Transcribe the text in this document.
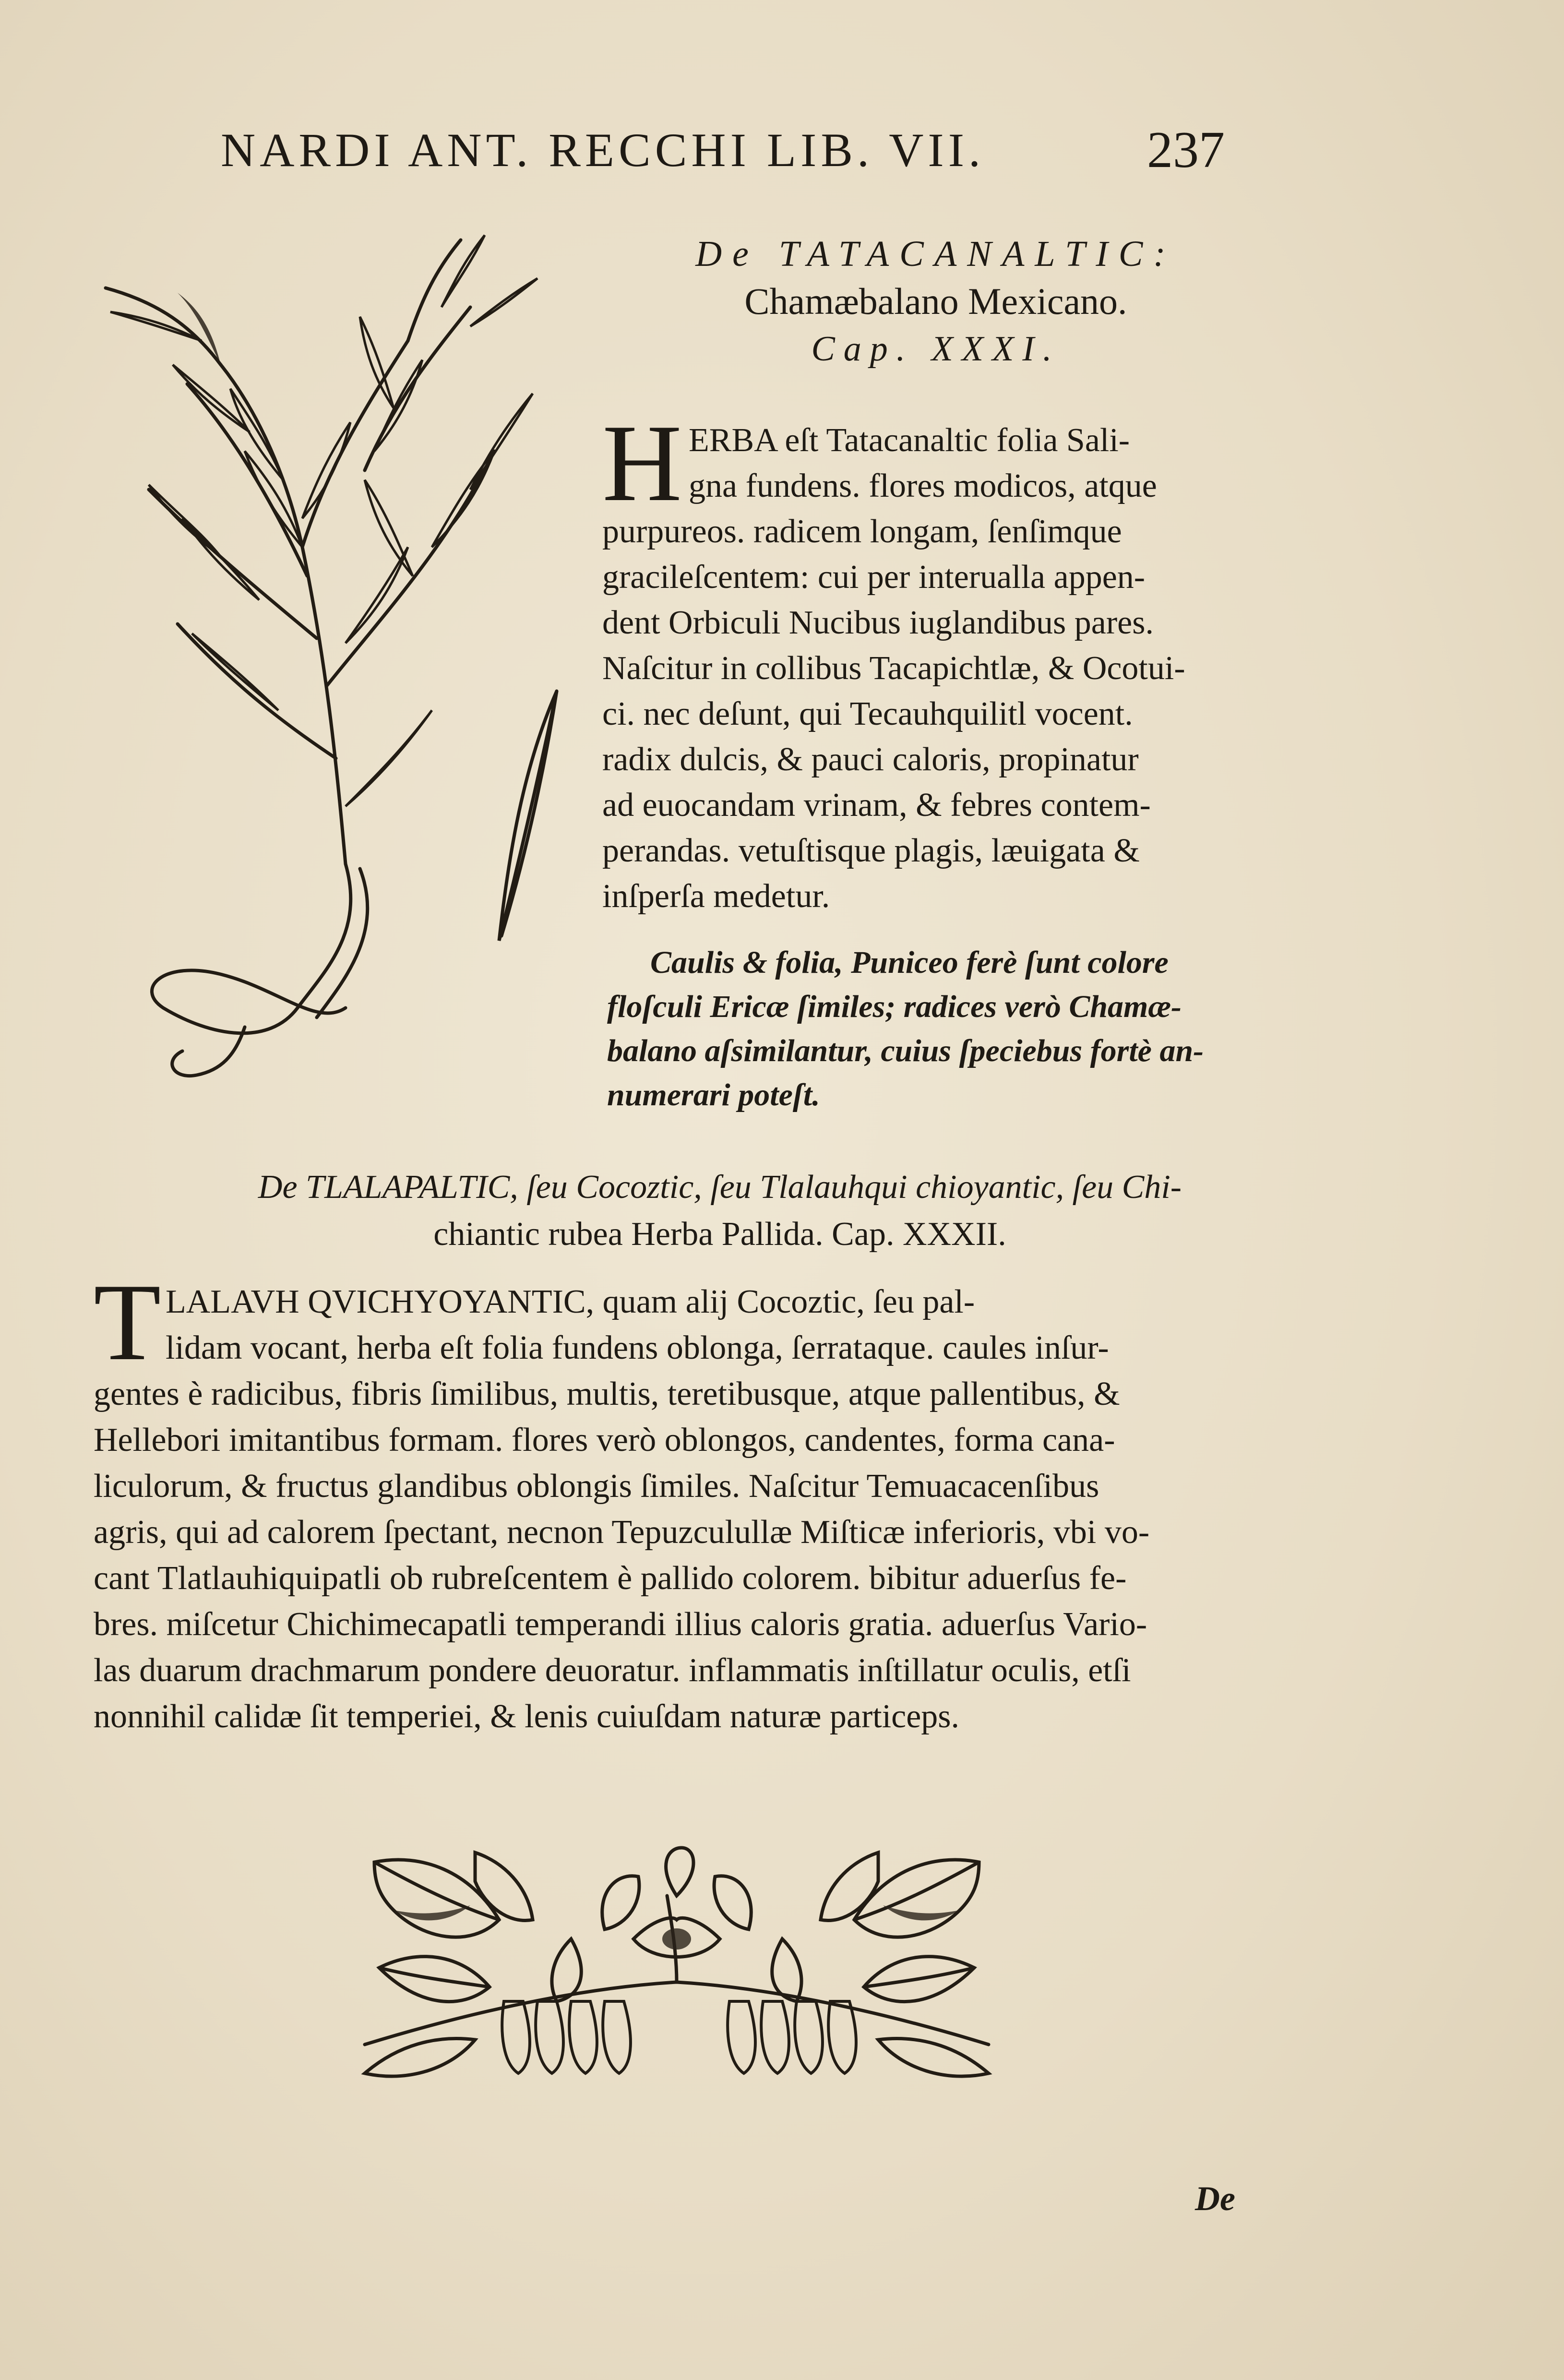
NARDI ANT. RECCHI LIB. VII.	237
De TATACANALTIC:
Chamæbalano Mexicano.
Cap. XXXI.
H ERBA eſt Tatacanaltic folia Sali-
gna fundens. flores modicos, atque
purpureos. radicem longam, ſenſimque
gracileſcentem: cui per interualla appen-
dent Orbiculi Nucibus iuglandibus pares.
Naſcitur in collibus Tacapichtlæ, & Ocotui-
ci. nec deſunt, qui Tecauhquilitl vocent.
radix dulcis, & pauci caloris, propinatur
ad euocandam vrinam, & febres contem-
perandas. vetuſtisque plagis, læuigata &
inſperſa medetur.
Caulis & folia, Puniceo ferè ſunt colore
floſculi Ericæ ſimiles; radices verò Chamæ-
balano aſsimilantur, cuius ſpeciebus fortè an-
numerari poteſt.
De TLALAPALTIC, ſeu Cocoztic, ſeu Tlalauhqui chioyantic, ſeu Chi-
chiantic rubea Herba Pallida. Cap. XXXII.
T LALAVH QVICHYOYANTIC, quam alij Cocoztic, ſeu pal-
lidam vocant, herba eſt folia fundens oblonga, ſerrataque. caules inſur-
gentes è radicibus, fibris ſimilibus, multis, teretibusque, atque pallentibus, &
Hellebori imitantibus formam. flores verò oblongos, candentes, forma cana-
liculorum, & fructus glandibus oblongis ſimiles. Naſcitur Temuacacenſibus
agris, qui ad calorem ſpectant, necnon Tepuzculullæ Miſticæ inferioris, vbi vo-
cant Tlatlauhiquipatli ob rubreſcentem è pallido colorem. bibitur aduerſus fe-
bres. miſcetur Chichimecapatli temperandi illius caloris gratia. aduerſus Vario-
las duarum drachmarum pondere deuoratur. inflammatis inſtillatur oculis, etſi
nonnihil calidæ ſit temperiei, & lenis cuiuſdam naturæ particeps.
De
